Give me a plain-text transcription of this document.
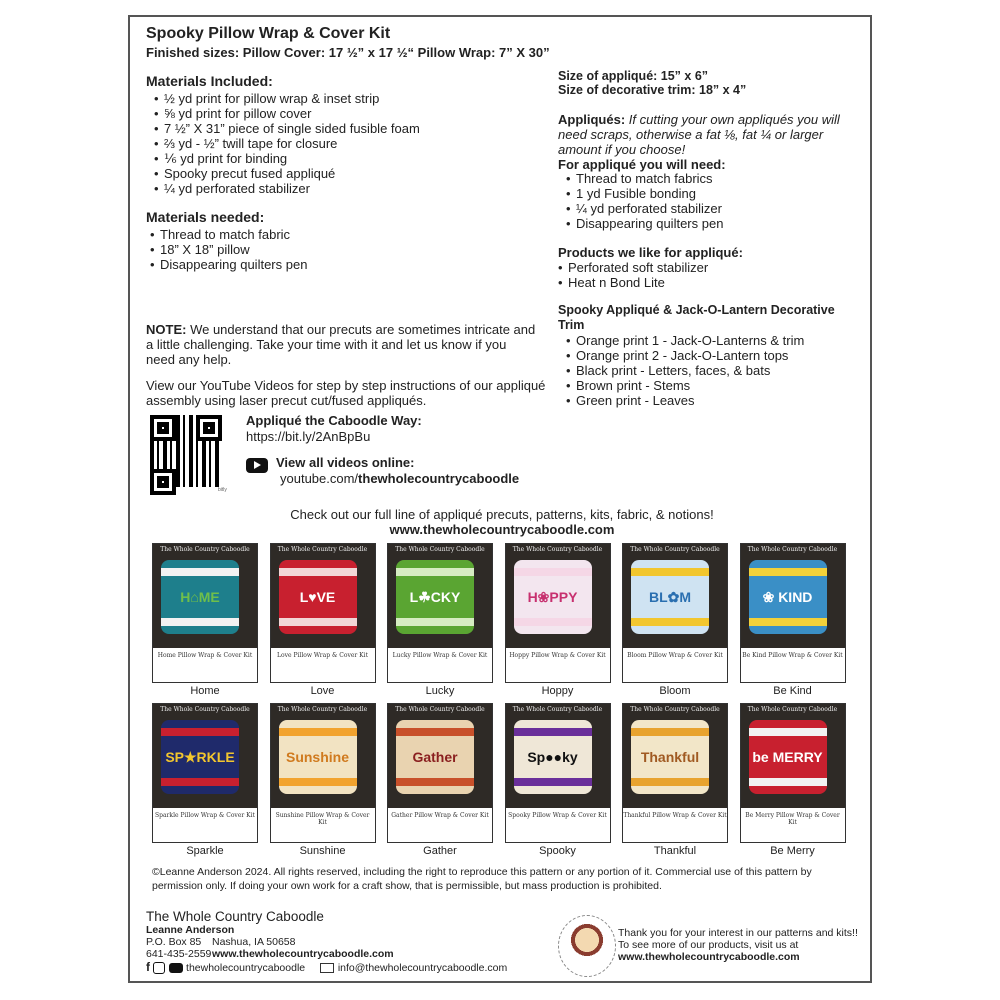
Spooky Pillow Wrap & Cover Kit
Finished sizes: Pillow Cover: 17 ½” x 17 ½“ Pillow Wrap: 7” X 30”
Materials Included:
• ½ yd print for pillow wrap & inset strip
• ⅝ yd print for pillow cover
• 7 ½” X 31” piece of single sided fusible foam
• ⅔ yd - ½” twill tape for closure
• ⅙ yd print for binding
• Spooky precut fused appliqué
• ¼ yd perforated stabilizer
Materials needed:
• Thread to match fabric
• 18” X 18” pillow
• Disappearing quilters pen
NOTE: We understand that our precuts are sometimes intricate and a little challenging. Take your time with it and let us know if you need any help.
View our YouTube Videos for step by step instructions of our appliqué assembly using laser precut cut/fused appliqués.
bitly
Appliqué the Caboodle Way:
https://bit.ly/2AnBpBu
View all videos online:
youtube.com/thewholecountrycaboodle
Size of appliqué: 15” x 6”
Size of decorative trim: 18” x 4”
Appliqués: If cutting your own appliqués you will need scraps, otherwise a fat ⅛, fat ¼ or larger amount if you choose!
For appliqué you will need:
• Thread to match fabrics
• 1 yd Fusible bonding
• ¼ yd perforated stabilizer
• Disappearing quilters pen
Products we like for appliqué:
• Perforated soft stabilizer
• Heat n Bond Lite
Spooky Appliqué & Jack-O-Lantern Decorative Trim
• Orange print 1 - Jack-O-Lanterns & trim
• Orange print 2 - Jack-O-Lantern tops
• Black print - Letters, faces, & bats
• Brown print - Stems
• Green print - Leaves
Check out our full line of appliqué precuts, patterns, kits, fabric, & notions!
www.thewholecountrycaboodle.com
The Whole Country Caboodle
H⌂ME
Home Pillow Wrap & Cover Kit
Home
The Whole Country Caboodle
L♥VE
Love Pillow Wrap & Cover Kit
Love
The Whole Country Caboodle
L☘CKY
Lucky Pillow Wrap & Cover Kit
Lucky
The Whole Country Caboodle
H❀PPY
Hoppy Pillow Wrap & Cover Kit
Hoppy
The Whole Country Caboodle
BL✿M
Bloom Pillow Wrap & Cover Kit
Bloom
The Whole Country Caboodle
❀ KIND
Be Kind Pillow Wrap & Cover Kit
Be Kind
The Whole Country Caboodle
SP★RKLE
Sparkle Pillow Wrap & Cover Kit
Sparkle
The Whole Country Caboodle
Sunshine
Sunshine Pillow Wrap & Cover Kit
Sunshine
The Whole Country Caboodle
Gather
Gather Pillow Wrap & Cover Kit
Gather
The Whole Country Caboodle
Sp●●ky
Spooky Pillow Wrap & Cover Kit
Spooky
The Whole Country Caboodle
Thankful
Thankful Pillow Wrap & Cover Kit
Thankful
The Whole Country Caboodle
be MERRY
Be Merry Pillow Wrap & Cover Kit
Be Merry
©Leanne Anderson 2024. All rights reserved, including the right to reproduce this pattern or any portion of it. Commercial use of this pattern by permission only. If doing your own work for a craft show, that is permissible, but mass production is prohibited.
The Whole Country Caboodle
Leanne Anderson
P.O. Box 85 Nashua, IA 50658
641-435-2559 www.thewholecountrycaboodle.com
f	thewholecountrycaboodle	info@thewholecountrycaboodle.com
Thank you for your interest in our patterns and kits!! To see more of our products, visit us at
www.thewholecountrycaboodle.com
